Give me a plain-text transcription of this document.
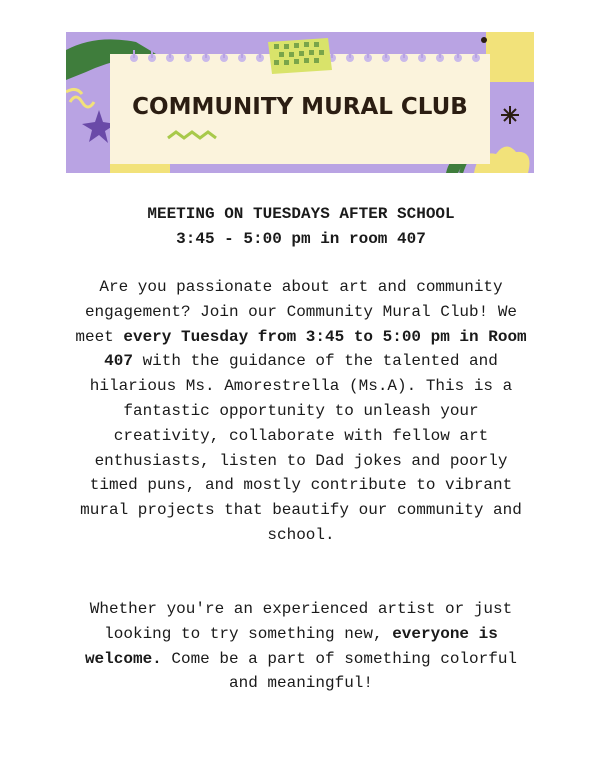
COMMUNITY MURAL CLUB
MEETING ON TUESDAYS AFTER SCHOOL
3:45 - 5:00 pm in room 407
Are you passionate about art and community engagement? Join our Community Mural Club! We meet every Tuesday from 3:45 to 5:00 pm in Room 407 with the guidance of the talented and hilarious Ms. Amorestrella (Ms.A). This is a fantastic opportunity to unleash your creativity, collaborate with fellow art enthusiasts, listen to Dad jokes and poorly timed puns, and mostly contribute to vibrant mural projects that beautify our community and school.
Whether you're an experienced artist or just looking to try something new, everyone is welcome. Come be a part of something colorful and meaningful!
